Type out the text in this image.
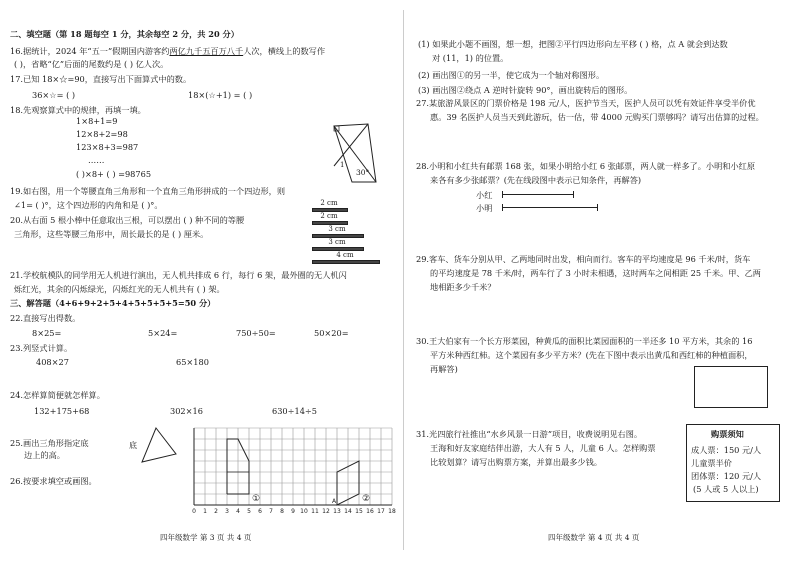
二、填空题（第 18 题每空 1 分，其余每空 2 分，共 20 分）
16.据统计，2024 年“五一”假期国内游客约两亿九千五百万八千人次，横线上的数写作
( )，省略“亿”后面的尾数约是 ( ) 亿人次。
17.已知 18×☆=90，直接写出下面算式中的数。
36×☆= ( )	18×(☆+1) = ( )
18.先观察算式中的规律，再填一填。
1×8+1=9
12×8+2=98
123×8+3=987
……
( )×8+ ( ) =98765	30°
1
19.如右图，用一个等腰直角三角形和一个直角三角形拼成的一个四边形，则
∠1= ( )°，这个四边形的内角和是 ( )°。
20.从右面 5 根小棒中任意取出三根，可以摆出 ( ) 种不同的等腰
三角形，这些等腰三角形中，周长最长的是 ( ) 厘米。
2 cm
2 cm
3 cm
3 cm
4 cm
21.学校航模队的同学用无人机进行演出，无人机共排成 6 行，每行 6 架，最外圈的无人机闪
烁红光，其余的闪烁绿光，闪烁红光的无人机共有 ( ) 架。
三、解答题（4+6+9+2+5+4+5+5+5+5=50 分）
22.直接写出得数。
8×25=	5×24=	750÷50=	50×20=
23.列竖式计算。
408×27	65×180
24.怎样算简便就怎样算。
132+175+68	302×16	630÷14÷5
25.画出三角形指定底
边上的高。
底
26.按要求填空或画图。
0 1 2 3 4 5 6 7 8 9 10 11 12 13 14 15 16 17 18
①	A	②
四年级数学 第 3 页 共 4 页
(1) 如果此小题不画图，想一想，把图②平行四边形向左平移 ( ) 格，点 A 就会到达数
对 (11，1) 的位置。
(2) 画出图①的另一半，使它成为一个轴对称图形。
(3) 画出图②绕点 A 逆时针旋转 90°，画出旋转后的图形。
27.某旅游风景区的门票价格是 198 元/人，医护节当天，医护人员可以凭有效证件享受半价优
惠。39 名医护人员当天到此游玩，估一估，带 4000 元购买门票够吗？请写出估算的过程。
28.小明和小红共有邮票 168 张，如果小明给小红 6 张邮票，两人就一样多了。小明和小红原
来各有多少张邮票？(先在线段图中表示已知条件，再解答)
小红
小明
29.客车、货车分别从甲、乙两地同时出发，相向而行。客车的平均速度是 96 千米/时，货车
的平均速度是 78 千米/时，两车行了 3 小时未相遇，这时两车之间相距 25 千米。甲、乙两
地相距多少千米？
30.王大伯家有一个长方形菜园，种黄瓜的面积比菜园面积的一半还多 10 平方米，其余的 16
平方米种西红柿。这个菜园有多少平方米？(先在下图中表示出黄瓜和西红柿的种植面积，
再解答)
31.光四旅行社推出“水乡风景一日游”项目，收费说明见右图。
王海和好友家庭结伴出游，大人有 5 人，儿童 6 人。怎样购票
比较划算？请写出购票方案，并算出最多少钱。
购票须知
成人票：150 元/人
儿童票半价
团体票：120 元/人
(5 人或 5 人以上)
四年级数学 第 4 页 共 4 页
